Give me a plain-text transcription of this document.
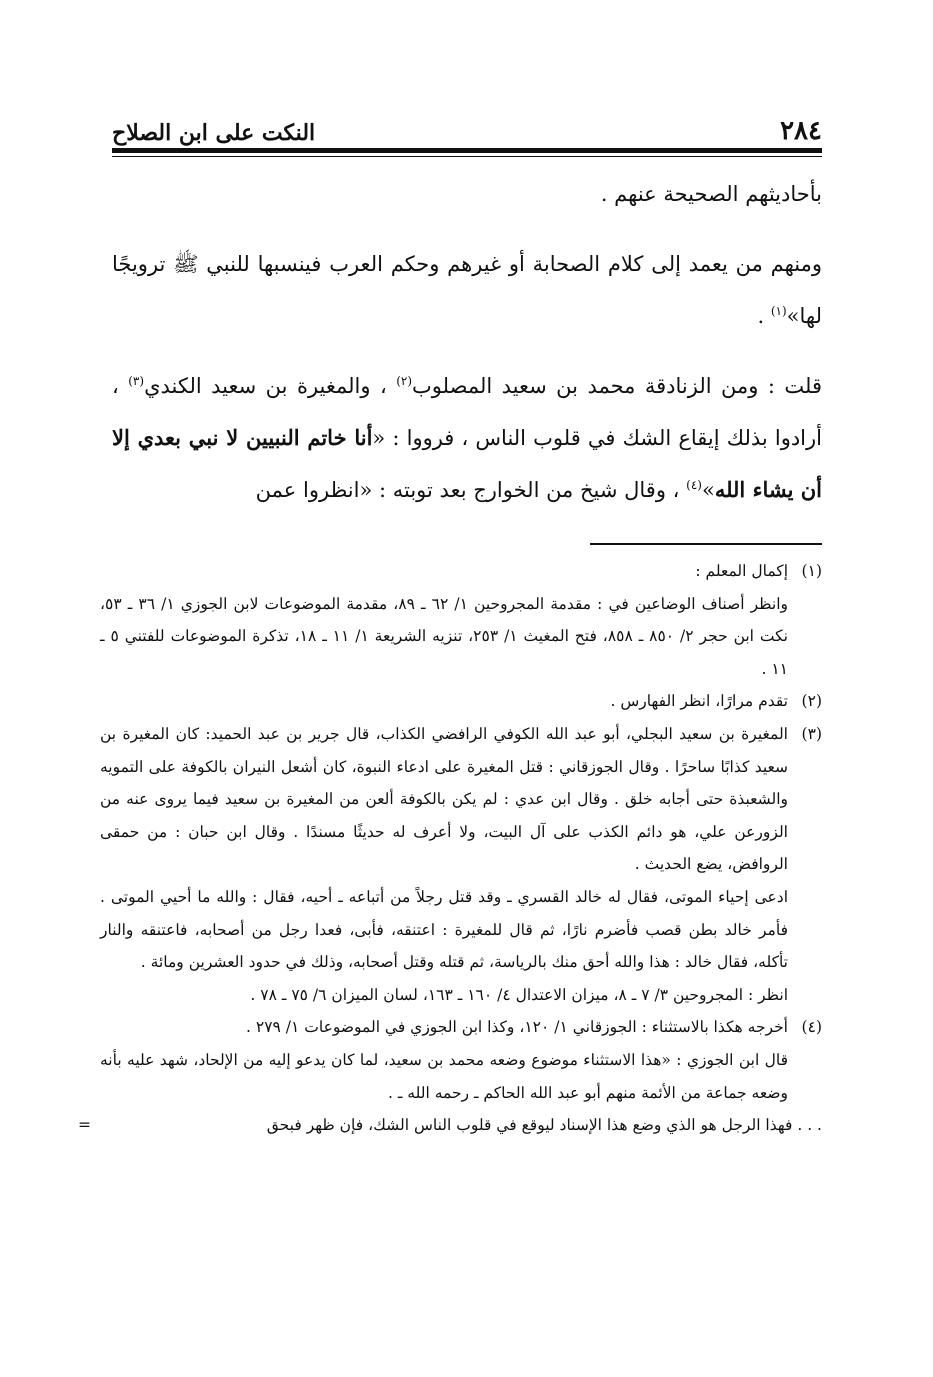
٢٨٤
النكت على ابن الصلاح

بأحاديثهم الصحيحة عنهم .

ومنهم من يعمد إلى كلام الصحابة أو غيرهم وحكم العرب فينسبها للنبي ﷺ ترويجًا لها»$^{(١)}$ .

قلت : ومن الزنادقة محمد بن سعيد المصلوب$^{(٢)}$ ، والمغيرة بن سعيد الكندي$^{(٣)}$ ، أرادوا بذلك إيقاع الشك في قلوب الناس ، فرووا : «أنا خاتم النبيين لا نبي بعدي إلا أن يشاء الله»$^{(٤)}$ ، وقال شيخ من الخوارج بعد توبته : «انظروا عمن

(١)
إكمال المعلم :
وانظر أصناف الوضاعين في : مقدمة المجروحين ١/ ٦٢ ـ ٨٩، مقدمة الموضوعات لابن الجوزي ١/ ٣٦ ـ ٥٣، نكت ابن حجر ٢/ ٨٥٠ ـ ٨٥٨، فتح المغيث ١/ ٢٥٣، تنزيه الشريعة ١/ ١١ ـ ١٨، تذكرة الموضوعات للفتني ٥ ـ ١١ .
(٢)
تقدم مرارًا، انظر الفهارس .
(٣)
المغيرة بن سعيد البجلي، أبو عبد الله الكوفي الرافضي الكذاب، قال جرير بن عبد الحميد: كان المغيرة بن سعيد كذابًا ساحرًا . وقال الجوزقاني : قتل المغيرة على ادعاء النبوة، كان أشعل النيران بالكوفة على التمويه والشعبذة حتى أجابه خلق . وقال ابن عدي : لم يكن بالكوفة ألعن من المغيرة بن سعيد فيما يروى عنه من الزورعن علي، هو دائم الكذب على آل البيت، ولا أعرف له حديثًا مسندًا . وقال ابن حبان : من حمقى الروافض، يضع الحديث .
ادعى إحياء الموتى، فقال له خالد القسري ـ وقد قتل رجلاً من أتباعه ـ أحيه، فقال : والله ما أحيي الموتى . فأمر خالد بطن قصب فأضرم نارًا، ثم قال للمغيرة : اعتنقه، فأبى، فعدا رجل من أصحابه، فاعتنقه والنار تأكله، فقال خالد : هذا والله أحق منك بالرياسة، ثم قتله وقتل أصحابه، وذلك في حدود العشرين ومائة .
انظر : المجروحين ٣/ ٧ ـ ٨، ميزان الاعتدال ٤/ ١٦٠ ـ ١٦٣، لسان الميزان ٦/ ٧٥ ـ ٧٨ .
(٤)
أخرجه هكذا بالاستثناء : الجوزقاني ١/ ١٢٠، وكذا ابن الجوزي في الموضوعات ١/ ٢٧٩ .
قال ابن الجوزي : «هذا الاستثناء موضوع وضعه محمد بن سعيد، لما كان يدعو إليه من الإلحاد، شهد عليه بأنه وضعه جماعة من الأئمة منهم أبو عبد الله الحاكم ـ رحمه الله ـ .
. . . فهذا الرجل هو الذي وضع هذا الإسناد ليوقع في قلوب الناس الشك، فإن ظهر فبحق
=
